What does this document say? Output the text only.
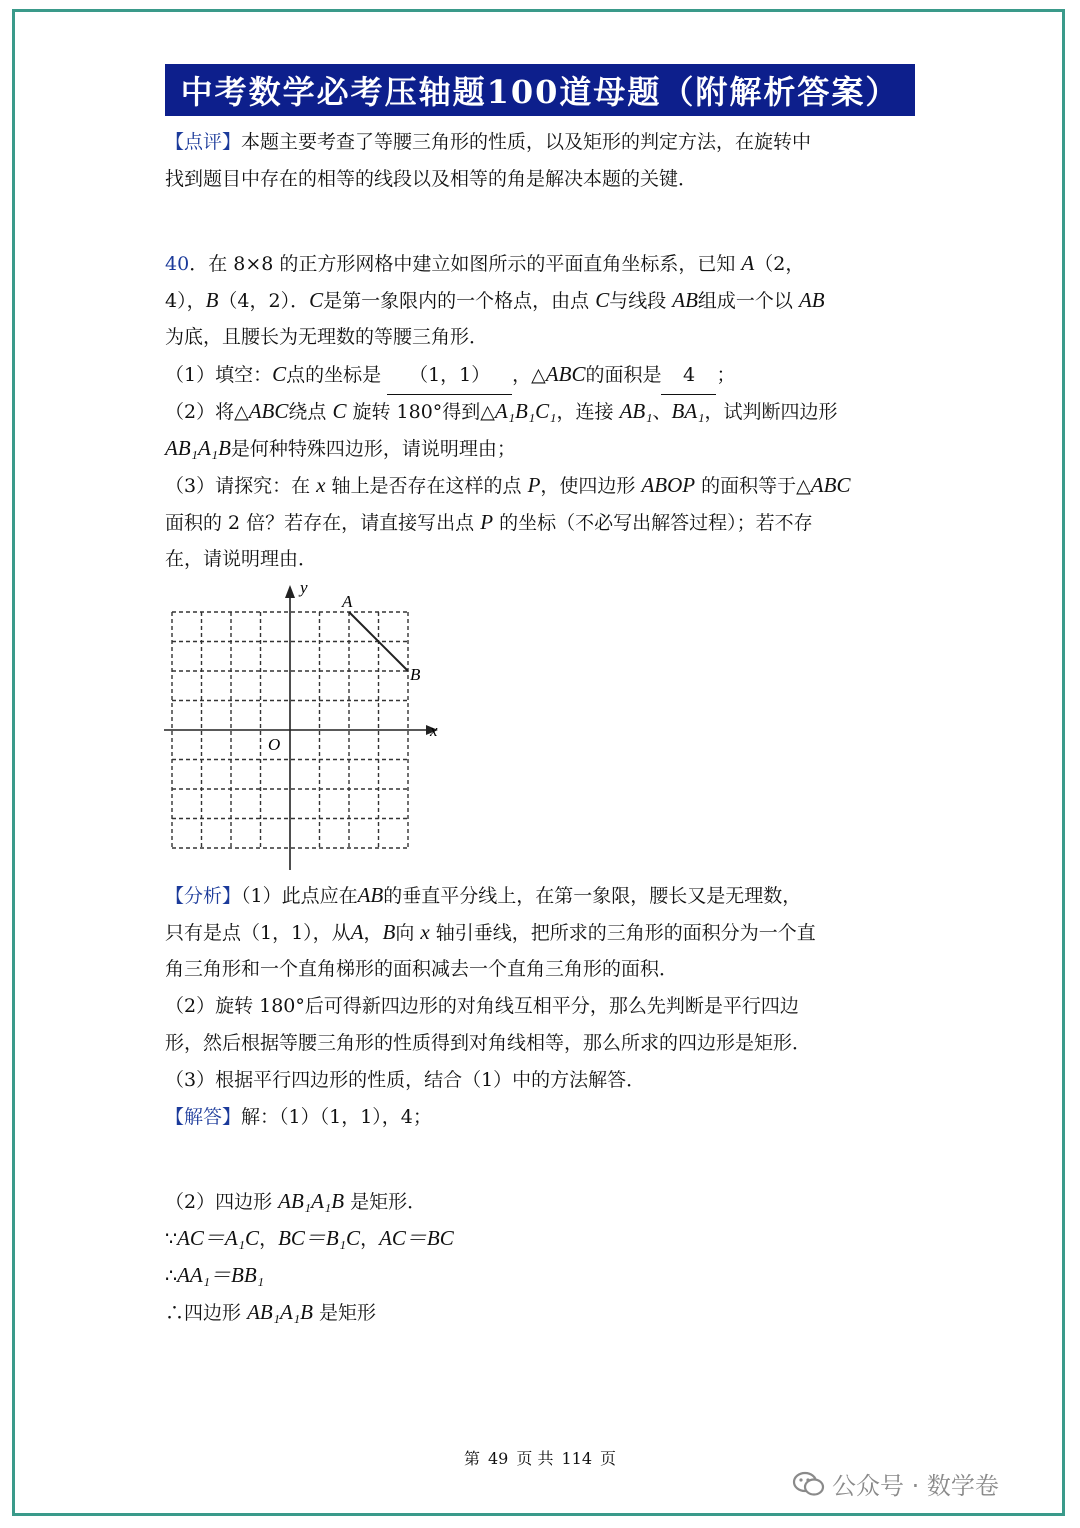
中考数学必考压轴题100道母题（附解析答案）
【点评】本题主要考查了等腰三角形的性质，以及矩形的判定方法，在旋转中
找到题目中存在的相等的线段以及相等的角是解决本题的关键．
40．在 8×8 的正方形网格中建立如图所示的平面直角坐标系，已知 A（2，
4），B（4，2）．C是第一象限内的一个格点，由点 C与线段 AB组成一个以 AB
为底，且腰长为无理数的等腰三角形．
（1）填空：C点的坐标是 （1，1） ，△ABC的面积是 4 ；
（2）将△ABC绕点 C 旋转 180°得到△A₁B₁C₁，连接 AB₁、BA₁，试判断四边形
AB₁A₁B是何种特殊四边形，请说明理由；
（3）请探究：在 x 轴上是否存在这样的点 P，使四边形 ABOP 的面积等于△ABC
面积的 2 倍？若存在，请直接写出点 P 的坐标（不必写出解答过程）；若不存
在，请说明理由．
y
x
O
A
B
【分析】（1）此点应在AB的垂直平分线上，在第一象限，腰长又是无理数，
只有是点（1，1），从A，B向 x 轴引垂线，把所求的三角形的面积分为一个直
角三角形和一个直角梯形的面积减去一个直角三角形的面积．
（2）旋转 180°后可得新四边形的对角线互相平分，那么先判断是平行四边
形，然后根据等腰三角形的性质得到对角线相等，那么所求的四边形是矩形．
（3）根据平行四边形的性质，结合（1）中的方法解答．
【解答】解：（1）（1，1），4；
（2）四边形 AB₁A₁B 是矩形．
∵AC＝A₁C，BC＝B₁C，AC＝BC
∴AA₁＝BB₁
∴四边形 AB₁A₁B 是矩形
第 49 页 共 114 页
公众号 · 数学卷
